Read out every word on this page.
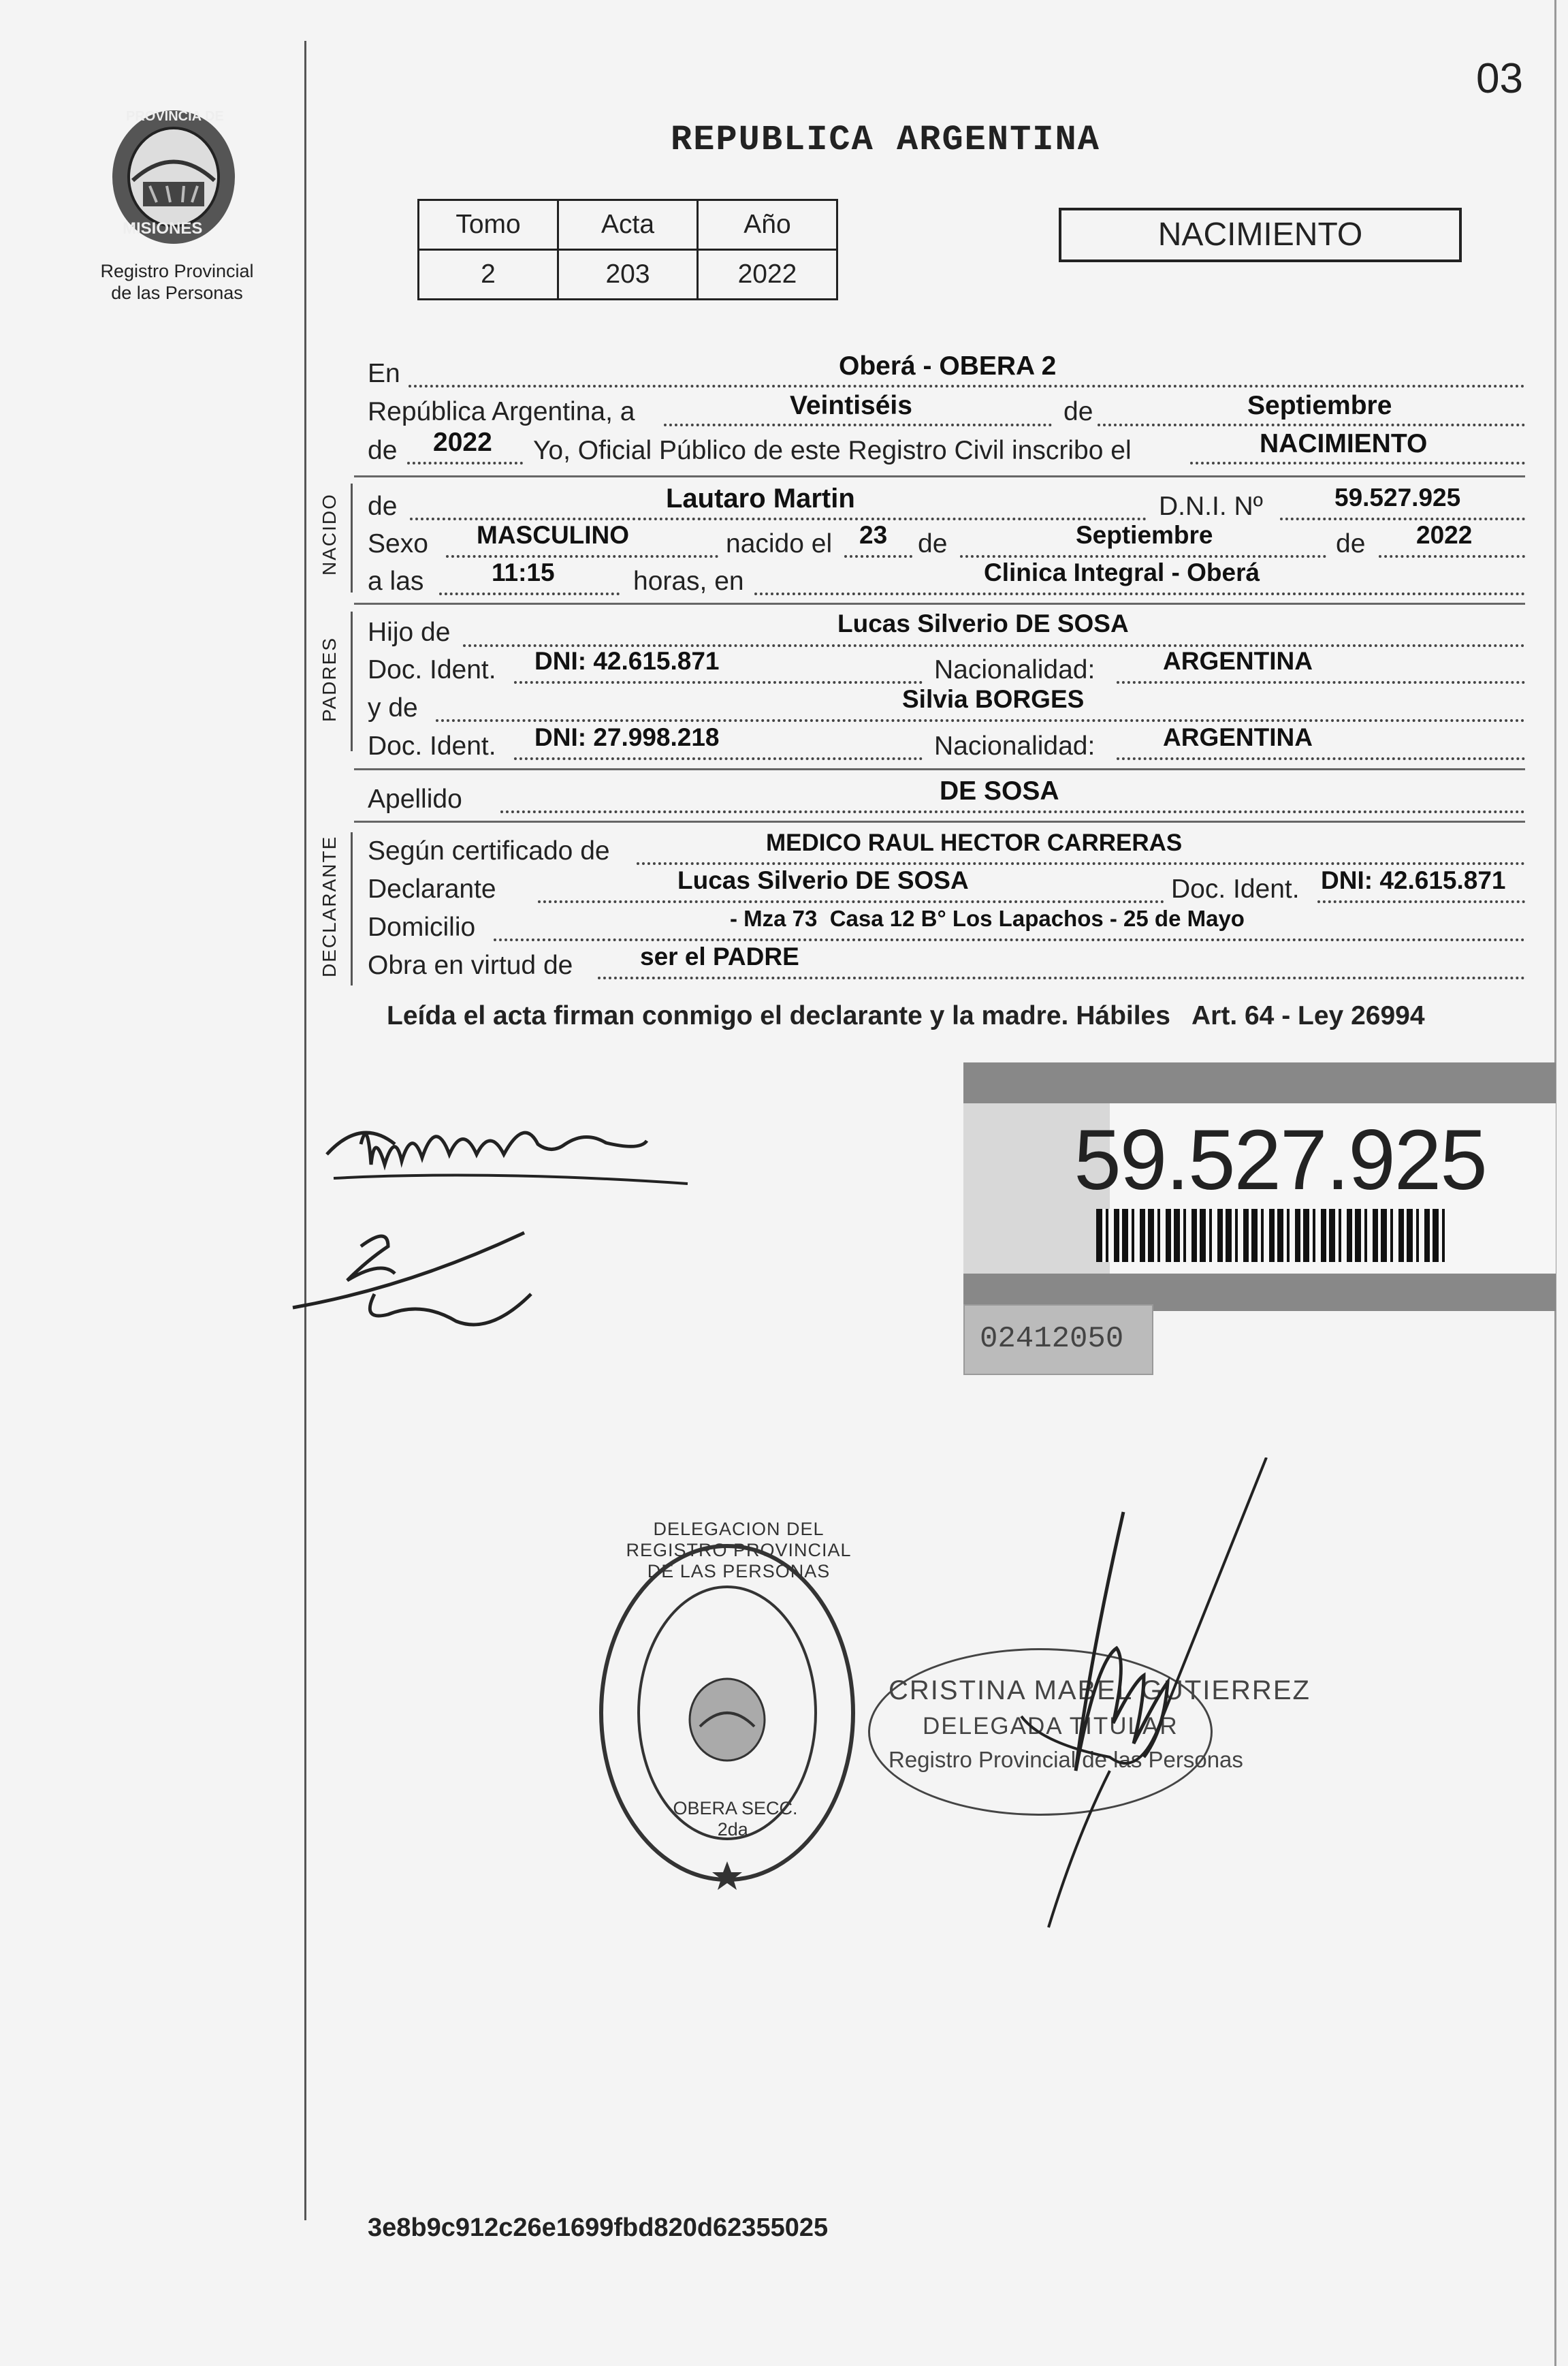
03
PROVINCIA DE
MISIONES
Registro Provincial
de las Personas
REPUBLICA ARGENTINA
Tomo	Acta	Año
2	203	2022
NACIMIENTO
En	Oberá - OBERA 2
República Argentina, a	Veintiséis	de	Septiembre
de 2022 Yo, Oficial Público de este Registro Civil inscribo el	NACIMIENTO
NACIDO de	Lautaro Martin	D.N.I. Nº	59.527.925
Sexo MASCULINO	nacido el 23 de	Septiembre	de 2022
a las	11:15	horas, en	Clinica Integral - Oberá
PADRES
Hijo de	Lucas Silverio DE SOSA
Doc. Ident. DNI: 42.615.871	Nacionalidad:	ARGENTINA
y de	Silvia BORGES
Doc. Ident. DNI: 27.998.218	Nacionalidad:	ARGENTINA
Apellido	DE SOSA
DECLARANTE Según certificado de	MEDICO RAUL HECTOR CARRERAS
Declarante	Lucas Silverio DE SOSA	Doc. Ident. DNI: 42.615.871
Domicilio	- Mza 73  Casa 12 B° Los Lapachos - 25 de Mayo
Obra en virtud de	ser el PADRE
Leída el acta firman conmigo el declarante y la madre. Hábiles   Art. 64 - Ley 26994
59.527.925
02412050
DELEGACION DEL REGISTRO PROVINCIAL DE LAS PERSONAS
OBERA SECC. 2da.
CRISTINA MABEL GUTIERREZ
DELEGADA TITULAR
Registro Provincial de las Personas
3e8b9c912c26e1699fbd820d62355025
